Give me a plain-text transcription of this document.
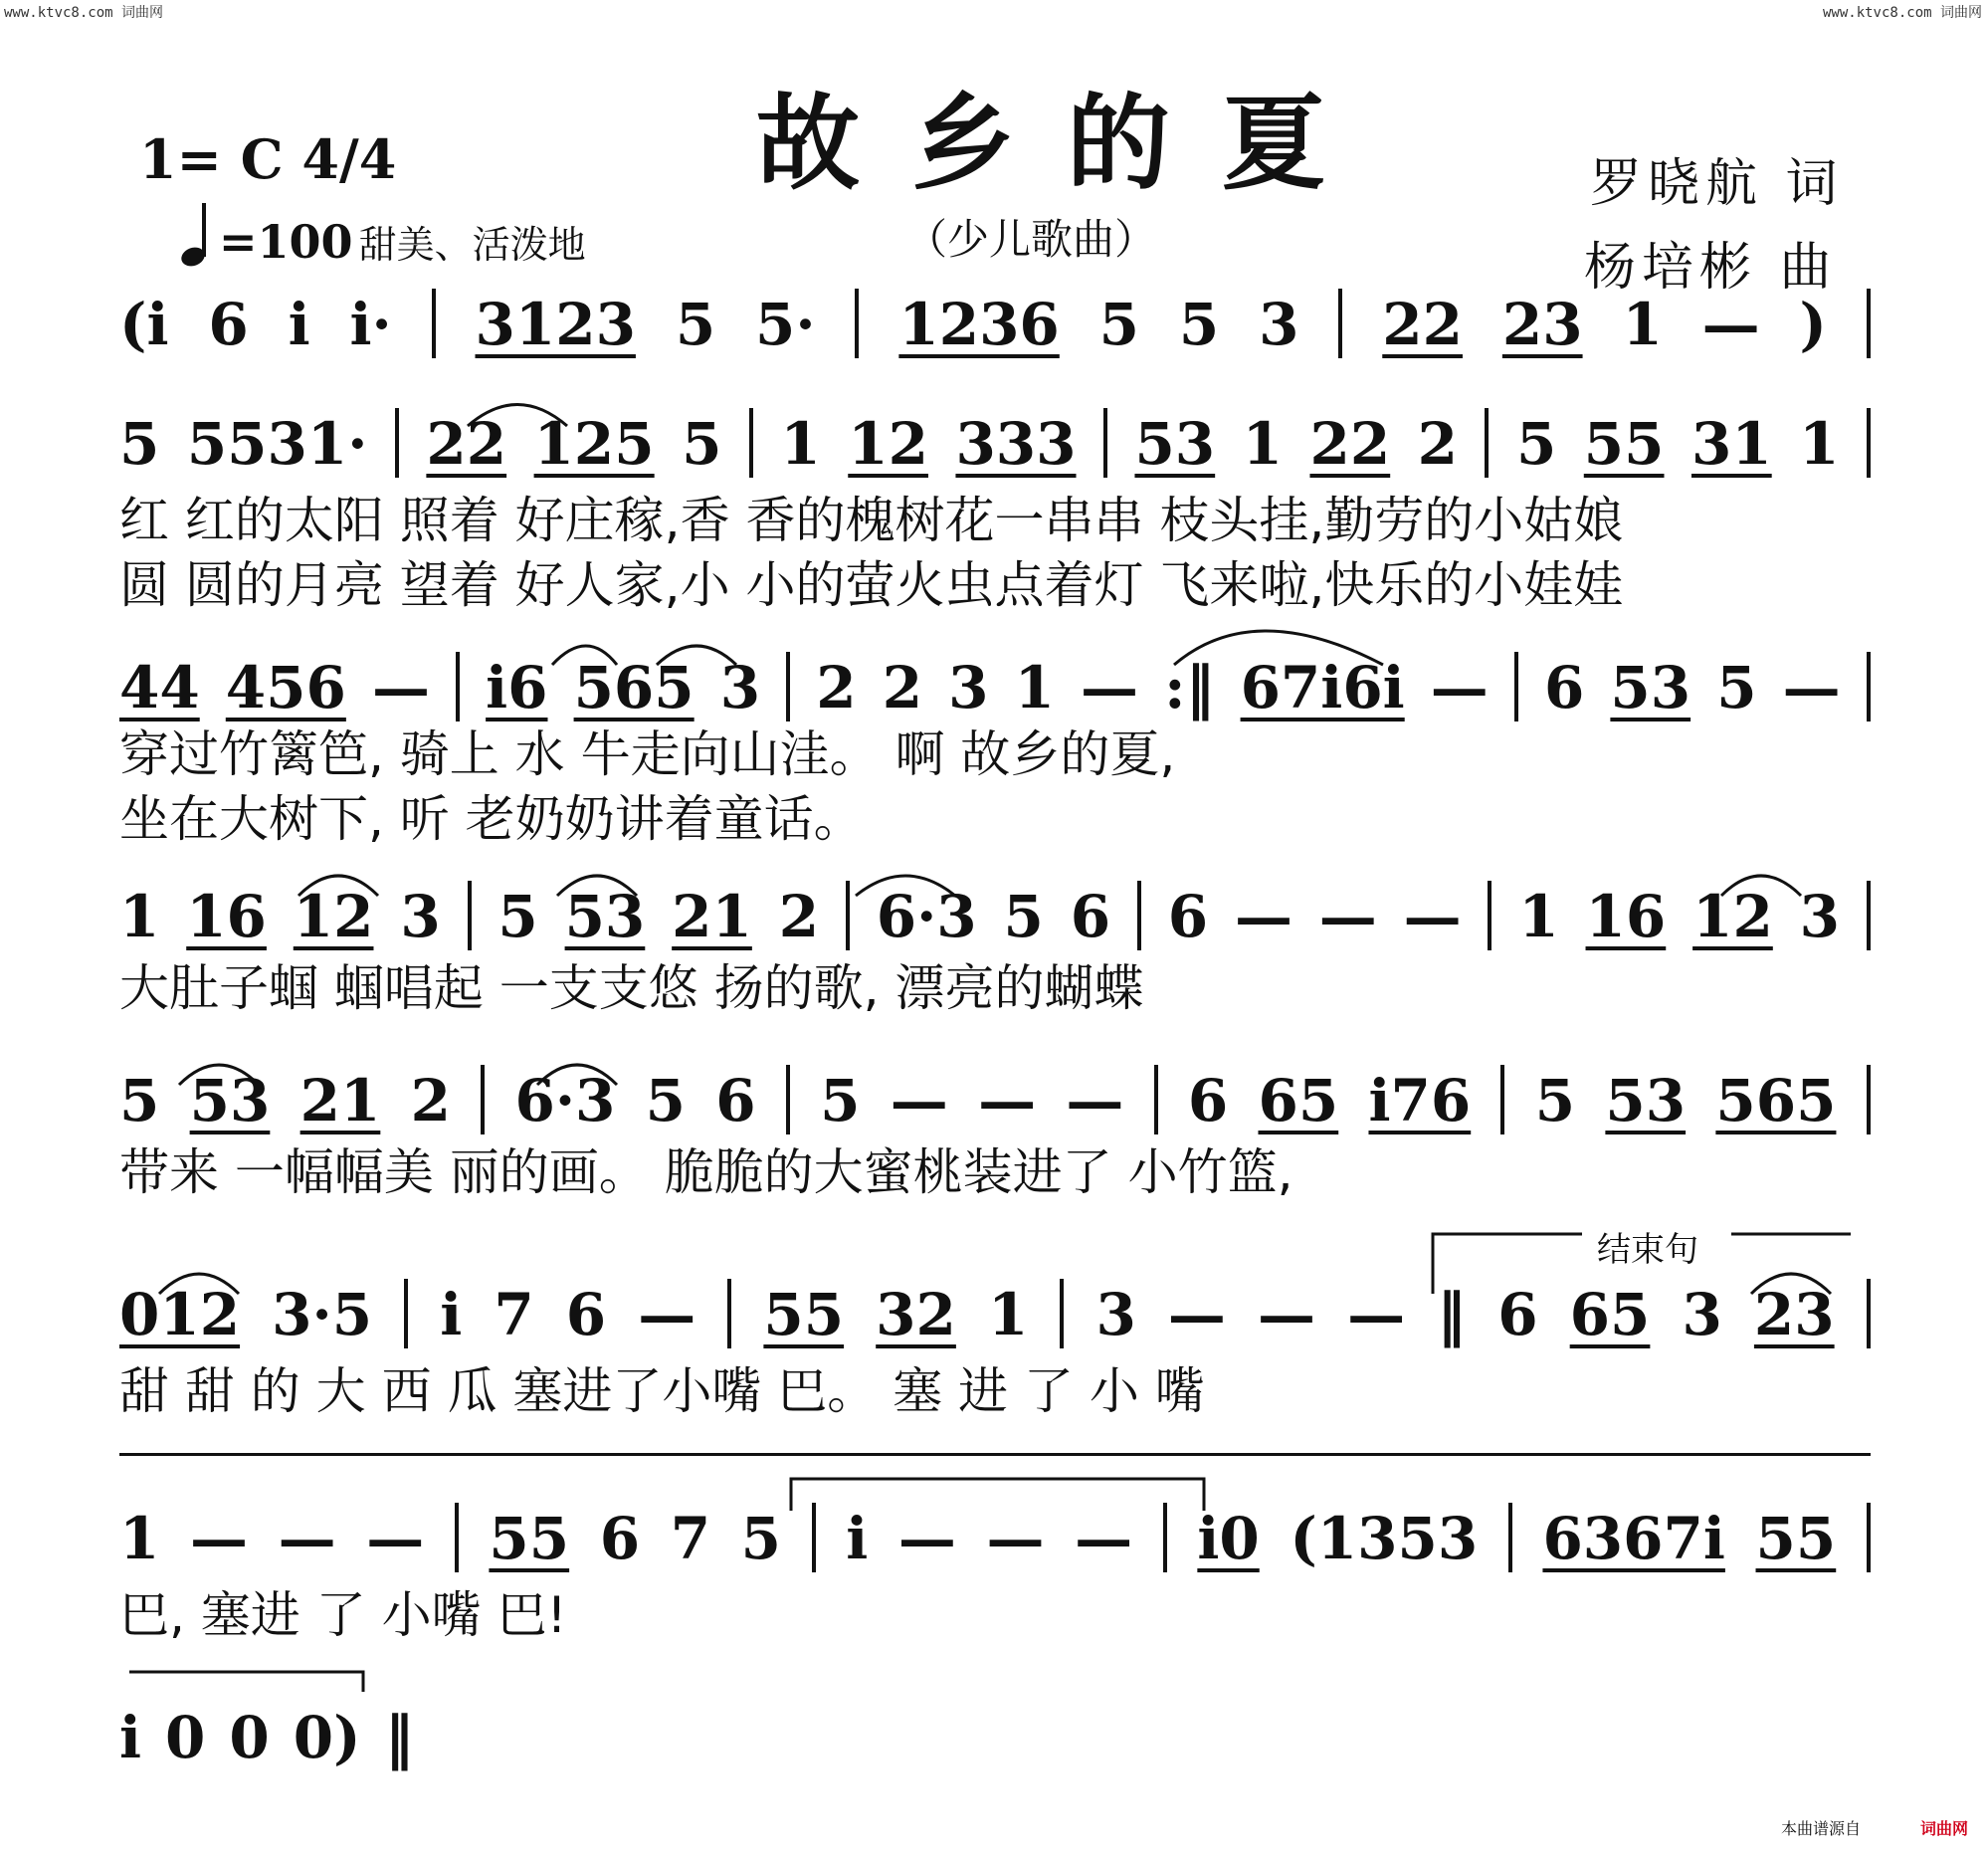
www.ktvc8.com 词曲网	www.ktvc8.com 词曲网
故乡的夏
1= C 4/4
=100 甜美、活泼地	（少儿歌曲）
罗晓航 词
杨培彬 曲
(i 6 i i· 3123 5 5· 1236 5 5 3 22 23 1 — )
5 5531· 22 125 5 1 12 333 53 1 22 2 5 55 31 1
红 红的太阳 照着 好庄稼,香 香的槐树花一串串 枝头挂,勤劳的小姑娘
圆 圆的月亮 望着 好人家,小 小的萤火虫点着灯 飞来啦,快乐的小娃娃
44 456 — i6 565 3 2 2 3 1 — :‖ 67i6i — 6 53 5 —
穿过竹篱笆, 骑上 水 牛走向山洼。 啊 故乡的夏,
坐在大树下, 听 老奶奶讲着童话。
1 16 12 3 5 53 21 2 6·3 5 6 6 — — — 1 16 12 3
大肚子蝈 蝈唱起 一支支悠 扬的歌, 漂亮的蝴蝶
5 53 21 2 6·3 5 6 5 — — — 6 65 i76 5 53 565
带来 一幅幅美 丽的画。 脆脆的大蜜桃装进了 小竹篮,
结束句
012 3·5 i 7 6 — 55 32 1 3 — — — ‖ 6 65 3 23
甜 甜 的 大 西 瓜 塞进了小嘴 巴。 塞 进 了 小 嘴
1 — — — 55 6 7 5 i — — — i0 (1353 6367i 55
巴, 塞进 了 小嘴 巴!
i 0 0 0) ‖
本曲谱源自	词曲网
